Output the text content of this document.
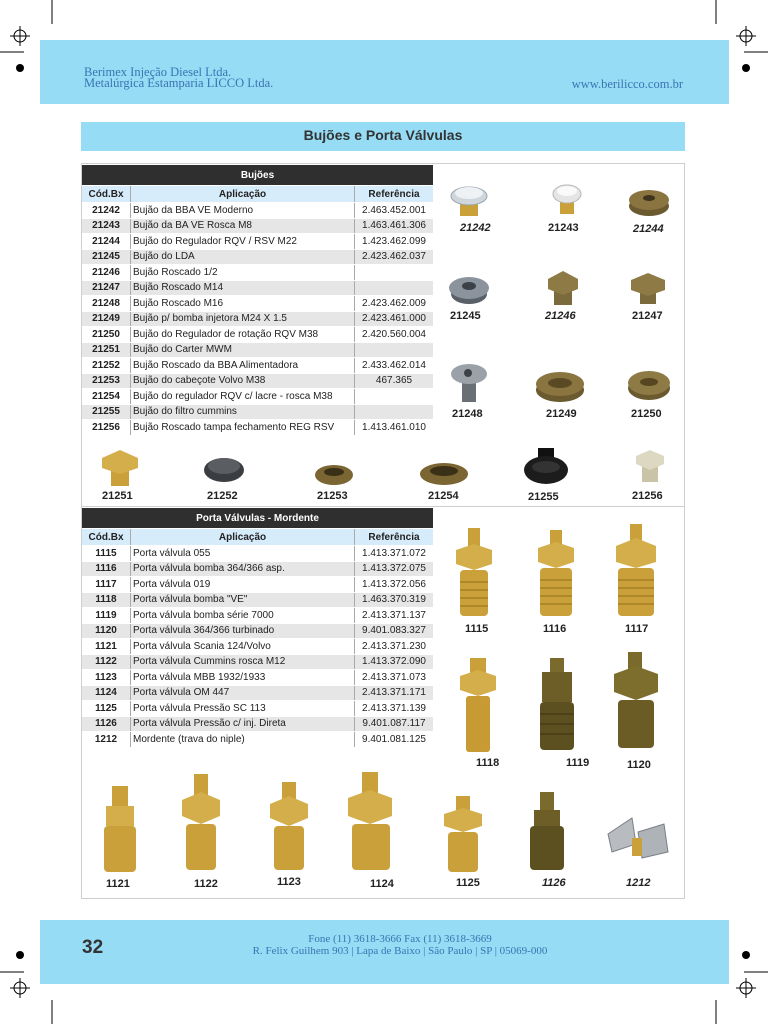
Berimex Injeção Diesel Ltda.
Metalúrgica Estamparia LICCO Ltda.	www.berilicco.com.br
Bujões e Porta Válvulas
Bujões		
Cód.Bx	Aplicação	Referência
21242	Bujão da BBA VE Moderno	2.463.452.001
21243	Bujão da BA VE Rosca M8	1.463.461.306
21244	Bujão do Regulador RQV / RSV M22	1.423.462.099
21245	Bujão do LDA	2.423.462.037
21246	Bujão Roscado 1/2	
21247	Bujão Roscado M14	
21248	Bujão Roscado M16	2.423.462.009
21249	Bujão p/ bomba injetora M24 X 1.5	2.423.461.000
21250	Bujão do Regulador de rotação RQV M38	2.420.560.004
21251	Bujão do Carter MWM	
21252	Bujão Roscado da BBA Alimentadora	2.433.462.014
21253	Bujão do cabeçote Volvo M38	467.365
21254	Bujão do regulador RQV c/ lacre - rosca M38	
21255	Bujão do filtro cummins	
21256	Bujão Roscado tampa fechamento REG RSV	1.413.461.010
Porta Válvulas - Mordente		
Cód.Bx	Aplicação	Referência
1115	Porta válvula 055	1.413.371.072
1116	Porta válvula bomba 364/366 asp.	1.413.372.075
1117	Porta válvula 019	1.413.372.056
1118	Porta válvula bomba "VE"	1.463.370.319
1119	Porta válvula bomba série 7000	2.413.371.137
1120	Porta válvula 364/366 turbinado	9.401.083.327
1121	Porta válvula Scania 124/Volvo	2.413.371.230
1122	Porta válvula Cummins rosca M12	1.413.372.090
1123	Porta válvula MBB 1932/1933	2.413.371.073
1124	Porta válvula OM 447	2.413.371.171
1125	Porta válvula Pressão SC 113	2.413.371.139
1126	Porta válvula Pressão c/ inj. Direta	9.401.087.117
1212	Mordente (trava do niple)	9.401.081.125
21242	21243	21244
21245	21246	21247
21248	21249	21250
21251	21252	21253	21254	21255	21256
1115	1116	1117
1118	1119	1120
1121	1122	1123	1124	1125	1126	1212
32	Fone (11) 3618-3666 Fax (11) 3618-3669
R. Felix Guilhem 903 | Lapa de Baixo | São Paulo | SP | 05069-000
